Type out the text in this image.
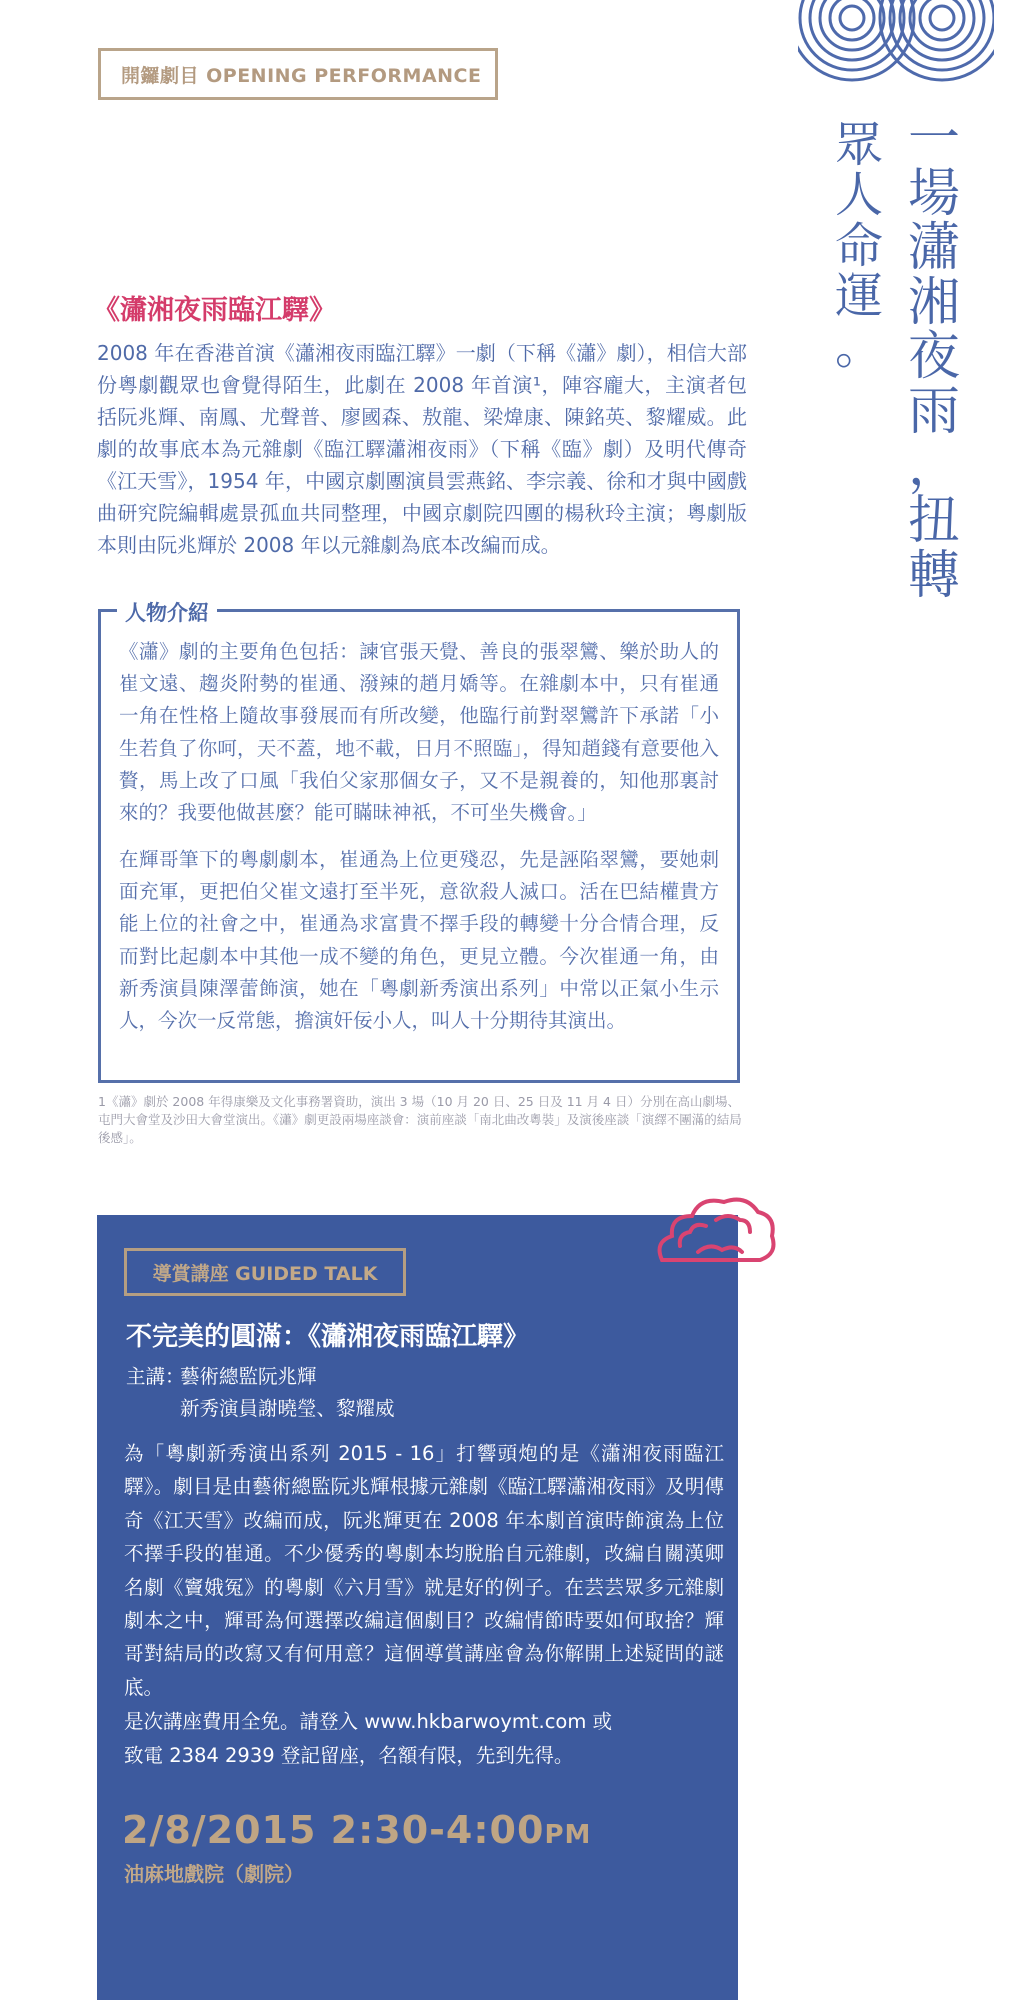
開鑼劇目 OPENING PERFORMANCE
一
場
瀟
湘
夜
雨
，
扭
轉
眾
人
命
運
。
《瀟湘夜雨臨江驛》

2008 年在香港首演《瀟湘夜雨臨江驛》一劇（下稱《瀟》劇），相信大部份粵劇觀眾也會覺得陌生，此劇在 2008 年首演¹，陣容龐大，主演者包括阮兆輝、南鳳、尤聲普、廖國森、敖龍、梁煒康、陳銘英、黎耀威。此劇的故事底本為元雜劇《臨江驛瀟湘夜雨》（下稱《臨》劇）及明代傳奇《江天雪》，1954 年，中國京劇團演員雲燕銘、李宗義、徐和才與中國戲曲研究院編輯處景孤血共同整理，中國京劇院四團的楊秋玲主演；粵劇版本則由阮兆輝於 2008 年以元雜劇為底本改編而成。

人物介紹

《瀟》劇的主要角色包括：諫官張天覺、善良的張翠鸞、樂於助人的崔文遠、趨炎附勢的崔通、潑辣的趙月嬌等。在雜劇本中，只有崔通一角在性格上隨故事發展而有所改變，他臨行前對翠鸞許下承諾「小生若負了你呵，天不蓋，地不載，日月不照臨」，得知趙錢有意要他入贅，馬上改了口風「我伯父家那個女子，又不是親養的，知他那裏討來的？我要他做甚麼？能可瞞昧神祇，不可坐失機會。」

在輝哥筆下的粵劇劇本，崔通為上位更殘忍，先是誣陷翠鸞，要她刺面充軍，更把伯父崔文遠打至半死，意欲殺人滅口。活在巴結權貴方能上位的社會之中，崔通為求富貴不擇手段的轉變十分合情合理，反而對比起劇本中其他一成不變的角色，更見立體。今次崔通一角，由新秀演員陳澤蕾飾演，她在「粵劇新秀演出系列」中常以正氣小生示人，今次一反常態，擔演奸佞小人，叫人十分期待其演出。

1《瀟》劇於 2008 年得康樂及文化事務署資助，演出 3 場（10 月 20 日、25 日及 11 月 4 日）分別在高山劇場、屯門大會堂及沙田大會堂演出。《瀟》劇更設兩場座談會：演前座談「南北曲改粵裝」及演後座談「演繹不團滿的結局後感」。

導賞講座 GUIDED TALK
不完美的圓滿：《瀟湘夜雨臨江驛》
主講：
藝術總監阮兆輝
新秀演員謝曉瑩、黎耀威

為「粵劇新秀演出系列 2015 - 16」打響頭炮的是《瀟湘夜雨臨江驛》。劇目是由藝術總監阮兆輝根據元雜劇《臨江驛瀟湘夜雨》及明傳奇《江天雪》改編而成，阮兆輝更在 2008 年本劇首演時飾演為上位不擇手段的崔通。不少優秀的粵劇本均脫胎自元雜劇，改編自關漢卿名劇《竇娥冤》的粵劇《六月雪》就是好的例子。在芸芸眾多元雜劇劇本之中，輝哥為何選擇改編這個劇目？改編情節時要如何取捨？輝哥對結局的改寫又有何用意？這個導賞講座會為你解開上述疑問的謎底。

是次講座費用全免。請登入 www.hkbarwoymt.com 或
致電 2384 2939 登記留座，名額有限，先到先得。
2/8/2015 2:30-4:00PM
油麻地戲院（劇院）
